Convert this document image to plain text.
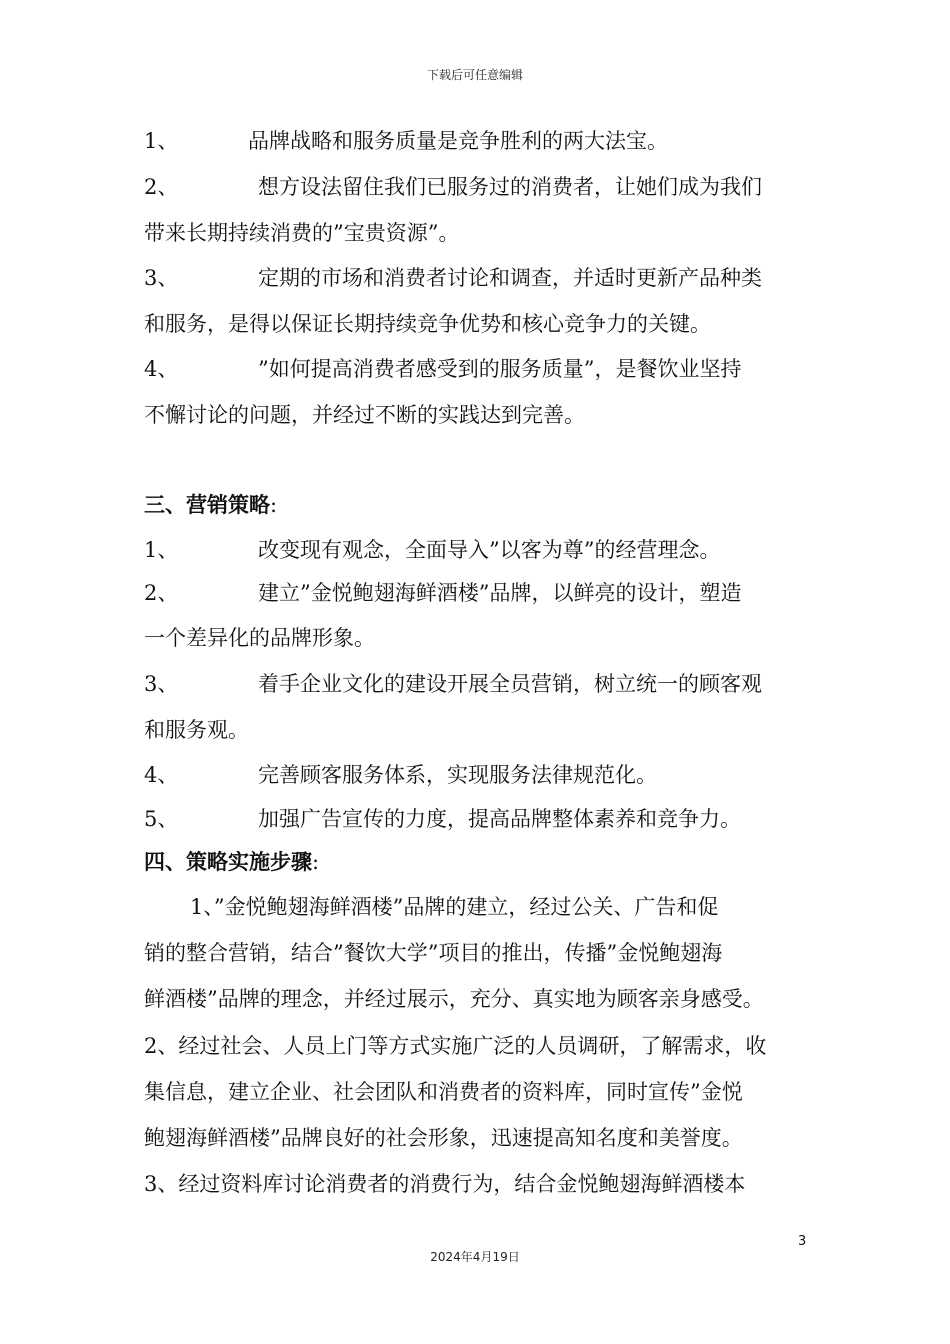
下载后可任意编辑
1、	品牌战略和服务质量是竞争胜利的两大法宝。
2、	想方设法留住我们已服务过的消费者，让她们成为我们
带来长期持续消费的”宝贵资源”。
3、	定期的市场和消费者讨论和调查，并适时更新产品种类
和服务，是得以保证长期持续竞争优势和核心竞争力的关键。
4、	”如何提高消费者感受到的服务质量”，是餐饮业坚持
不懈讨论的问题，并经过不断的实践达到完善。
三、营销策略:
1、	改变现有观念，全面导入”以客为尊”的经营理念。
2、	建立”金悦鲍翅海鲜酒楼”品牌，以鲜亮的设计，塑造
一个差异化的品牌形象。
3、	着手企业文化的建设开展全员营销，树立统一的顾客观
和服务观。
4、	完善顾客服务体系，实现服务法律规范化。
5、	加强广告宣传的力度，提高品牌整体素养和竞争力。
四、策略实施步骤:
1、”金悦鲍翅海鲜酒楼”品牌的建立，经过公关、广告和促
销的整合营销，结合”餐饮大学”项目的推出，传播”金悦鲍翅海
鲜酒楼”品牌的理念，并经过展示，充分、真实地为顾客亲身感受。
2、经过社会、人员上门等方式实施广泛的人员调研，了解需求，收
集信息，建立企业、社会团队和消费者的资料库，同时宣传”金悦
鲍翅海鲜酒楼”品牌良好的社会形象，迅速提高知名度和美誉度。
3、经过资料库讨论消费者的消费行为，结合金悦鲍翅海鲜酒楼本
3
2024年4月19日
